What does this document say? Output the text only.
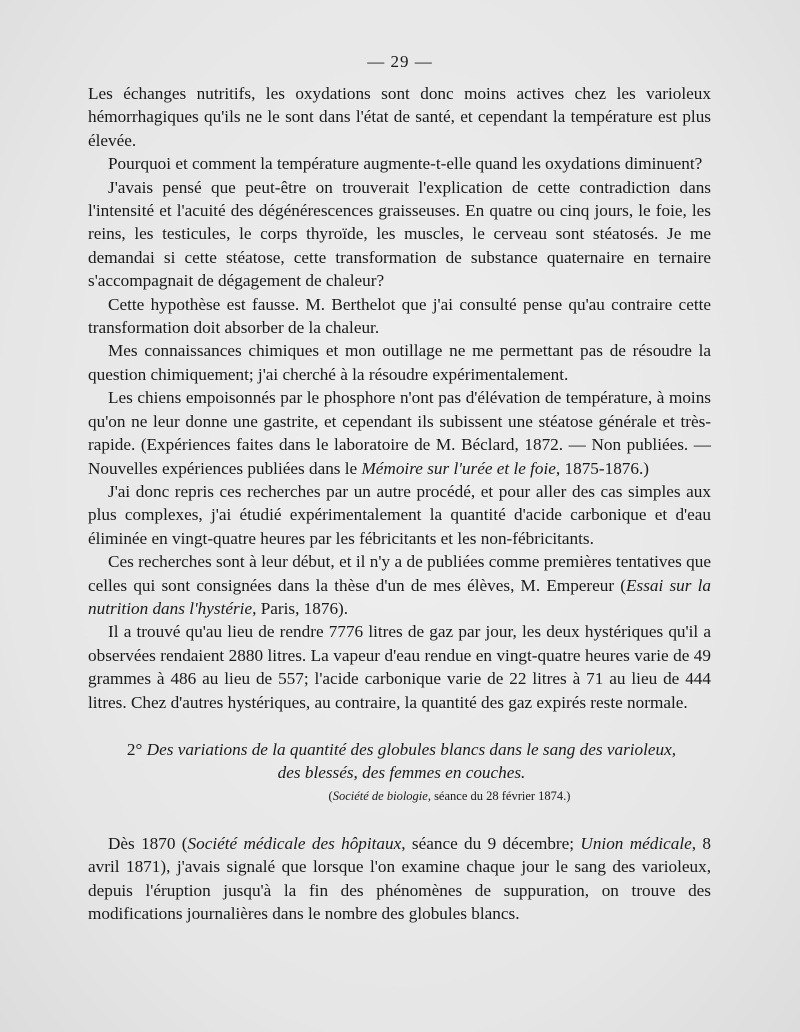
— 29 —

Les échanges nutritifs, les oxydations sont donc moins actives chez les varioleux hémorrhagiques qu'ils ne le sont dans l'état de santé, et cependant la température est plus élevée.

Pourquoi et comment la température augmente-t-elle quand les oxydations diminuent?

J'avais pensé que peut-être on trouverait l'explication de cette contradiction dans l'intensité et l'acuité des dégénérescences graisseuses. En quatre ou cinq jours, le foie, les reins, les testicules, le corps thyroïde, les muscles, le cerveau sont stéatosés. Je me demandai si cette stéatose, cette transformation de substance quaternaire en ternaire s'accompagnait de dégagement de chaleur?

Cette hypothèse est fausse. M. Berthelot que j'ai consulté pense qu'au contraire cette transformation doit absorber de la chaleur.

Mes connaissances chimiques et mon outillage ne me permettant pas de résoudre la question chimiquement; j'ai cherché à la résoudre expérimentalement.

Les chiens empoisonnés par le phosphore n'ont pas d'élévation de température, à moins qu'on ne leur donne une gastrite, et cependant ils subissent une stéatose générale et très-rapide. (Expériences faites dans le laboratoire de M. Béclard, 1872. — Non publiées. — Nouvelles expériences publiées dans le Mémoire sur l'urée et le foie, 1875-1876.)

J'ai donc repris ces recherches par un autre procédé, et pour aller des cas simples aux plus complexes, j'ai étudié expérimentalement la quantité d'acide carbonique et d'eau éliminée en vingt-quatre heures par les fébricitants et les non-fébricitants.

Ces recherches sont à leur début, et il n'y a de publiées comme premières tentatives que celles qui sont consignées dans la thèse d'un de mes élèves, M. Empereur (Essai sur la nutrition dans l'hystérie, Paris, 1876).

Il a trouvé qu'au lieu de rendre 7776 litres de gaz par jour, les deux hystériques qu'il a observées rendaient 2880 litres. La vapeur d'eau rendue en vingt-quatre heures varie de 49 grammes à 486 au lieu de 557; l'acide carbonique varie de 22 litres à 71 au lieu de 444 litres. Chez d'autres hystériques, au contraire, la quantité des gaz expirés reste normale.

2° Des variations de la quantité des globules blancs dans le sang des varioleux,
des blessés, des femmes en couches.
(Société de biologie, séance du 28 février 1874.)

Dès 1870 (Société médicale des hôpitaux, séance du 9 décembre; Union médicale, 8 avril 1871), j'avais signalé que lorsque l'on examine chaque jour le sang des varioleux, depuis l'éruption jusqu'à la fin des phénomènes de suppuration, on trouve des modifications journalières dans le nombre des globules blancs.
